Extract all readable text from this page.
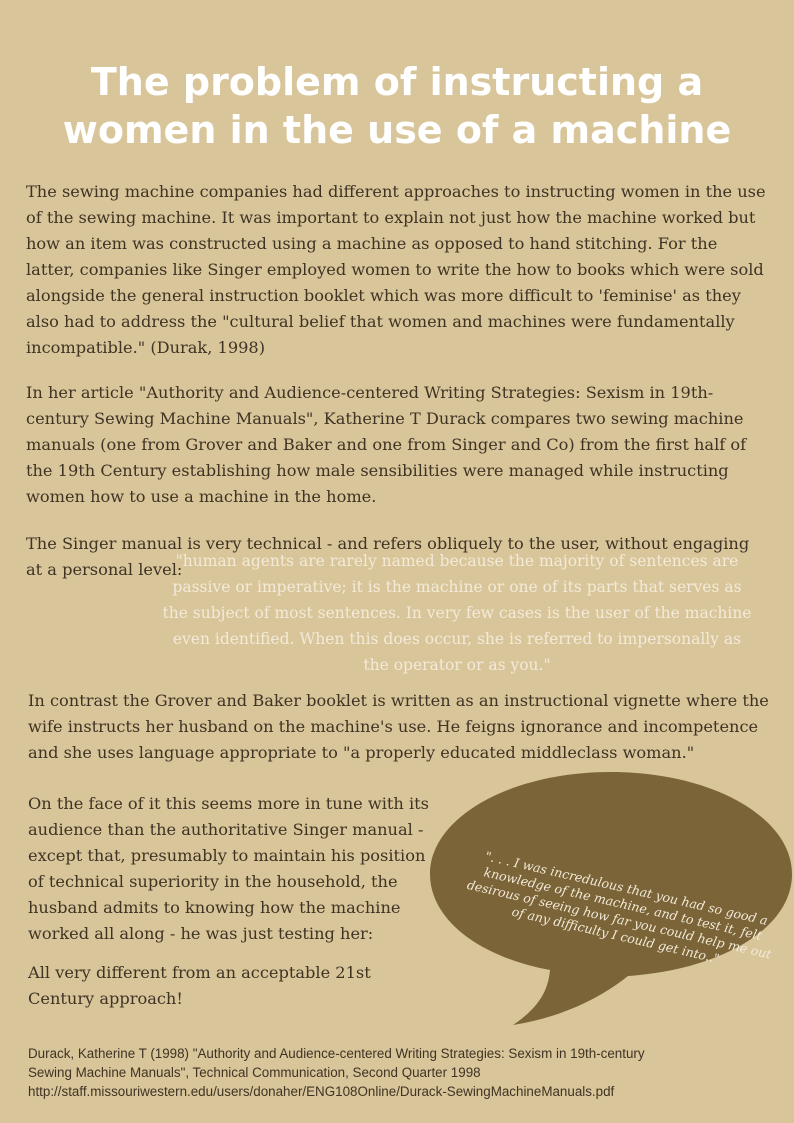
The problem of instructing a
women in the use of a machine

The sewing machine companies had different approaches to instructing women in the use of the sewing machine. It was important to explain not just how the machine worked but how an item was constructed using a machine as opposed to hand stitching. For the latter, companies like Singer employed women to write the how to books which were sold alongside the general instruction booklet which was more difficult to 'feminise' as they also had to address the "cultural belief that women and machines were fundamentally incompatible." (Durak, 1998)

In her article "Authority and Audience-centered Writing Strategies: Sexism in 19th-century Sewing Machine Manuals", Katherine T Durack compares two sewing machine manuals (one from Grover and Baker and one from Singer and Co) from the first half of the 19th Century establishing how male sensibilities were managed while instructing women how to use a machine in the home.

The Singer manual is very technical - and refers obliquely to the user, without engaging at a personal level:

"human agents are rarely named because the majority of sentences are passive or imperative; it is the machine or one of its parts that serves as the subject of most sentences. In very few cases is the user of the machine even identified. When this does occur, she is referred to impersonally as the operator or as you."

In contrast the Grover and Baker booklet is written as an instructional vignette where the wife instructs her husband on the machine's use. He feigns ignorance and incompetence and she uses language appropriate to "a properly educated middleclass woman."

On the face of it this seems more in tune with its audience than the authoritative Singer manual - except that, presumably to maintain his position of technical superiority in the household, the husband admits to knowing how the machine worked all along - he was just testing her:

All very different from an acceptable 21st Century approach!

". . . I was incredulous that you had so good a knowledge of the machine, and to test it, felt desirous of seeing how far you could help me out of any difficulty I could get into.."

Durack, Katherine T (1998) "Authority and Audience-centered Writing Strategies: Sexism in 19th-century
Sewing Machine Manuals", Technical Communication, Second Quarter 1998
http://staff.missouriwestern.edu/users/donaher/ENG108Online/Durack-SewingMachineManuals.pdf
